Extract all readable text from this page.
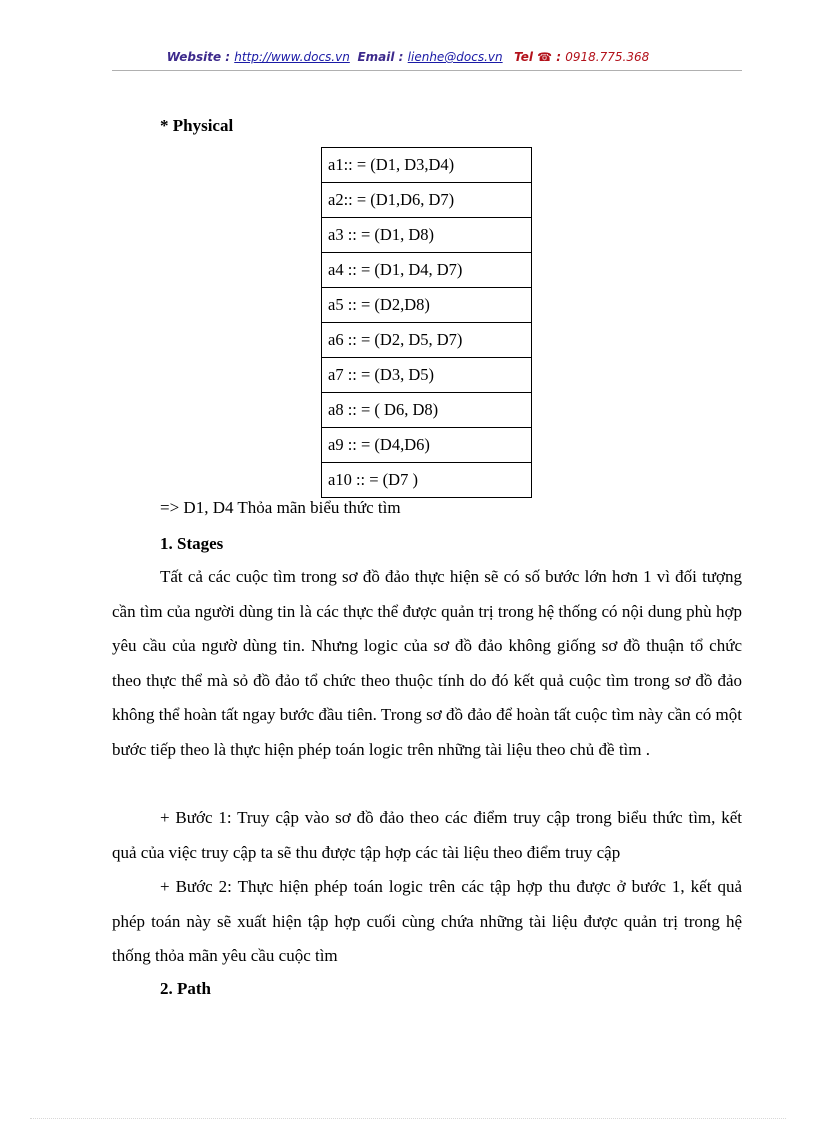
Website : http://www.docs.vn Email : lienhe@docs.vn Tel ☎ : 0918.775.368
* Physical
a1:: = (D1, D3,D4)
a2:: = (D1,D6, D7)
a3 :: = (D1, D8)
a4 :: = (D1, D4, D7)
a5 :: = (D2,D8)
a6 :: = (D2, D5, D7)
a7 :: = (D3, D5)
a8 :: = ( D6, D8)
a9 :: = (D4,D6)
a10 :: = (D7 )
=> D1, D4 Thỏa mãn biểu thức tìm
1. Stages
Tất cả các cuộc tìm trong sơ đồ đảo thực hiện sẽ có số bước lớn hơn 1 vì đối tượng cần tìm của người dùng tin là các thực thể được quản trị trong hệ thống có nội dung phù hợp yêu cầu của ngườ dùng tin. Nhưng logic của sơ đồ đảo không giống sơ đồ thuận tổ chức theo thực thể mà sỏ đồ đảo tổ chức theo thuộc tính do đó kết quả cuộc tìm trong sơ đồ đảo không thể hoàn tất ngay bước đầu tiên. Trong sơ đồ đảo để hoàn tất cuộc tìm này cần có một bước tiếp theo là thực hiện phép toán logic trên những tài liệu theo chủ đề tìm .
+ Bước 1: Truy cập vào sơ đồ đảo theo các điểm truy cập trong biểu thức tìm, kết quả của việc truy cập ta sẽ thu được tập hợp các tài liệu theo điểm truy cập
+ Bước 2: Thực hiện phép toán logic trên các tập hợp thu được ở bước 1, kết quả phép toán này sẽ xuất hiện tập hợp cuối cùng chứa những tài liệu được quản trị trong hệ thống thỏa mãn yêu cầu cuộc tìm
2. Path
